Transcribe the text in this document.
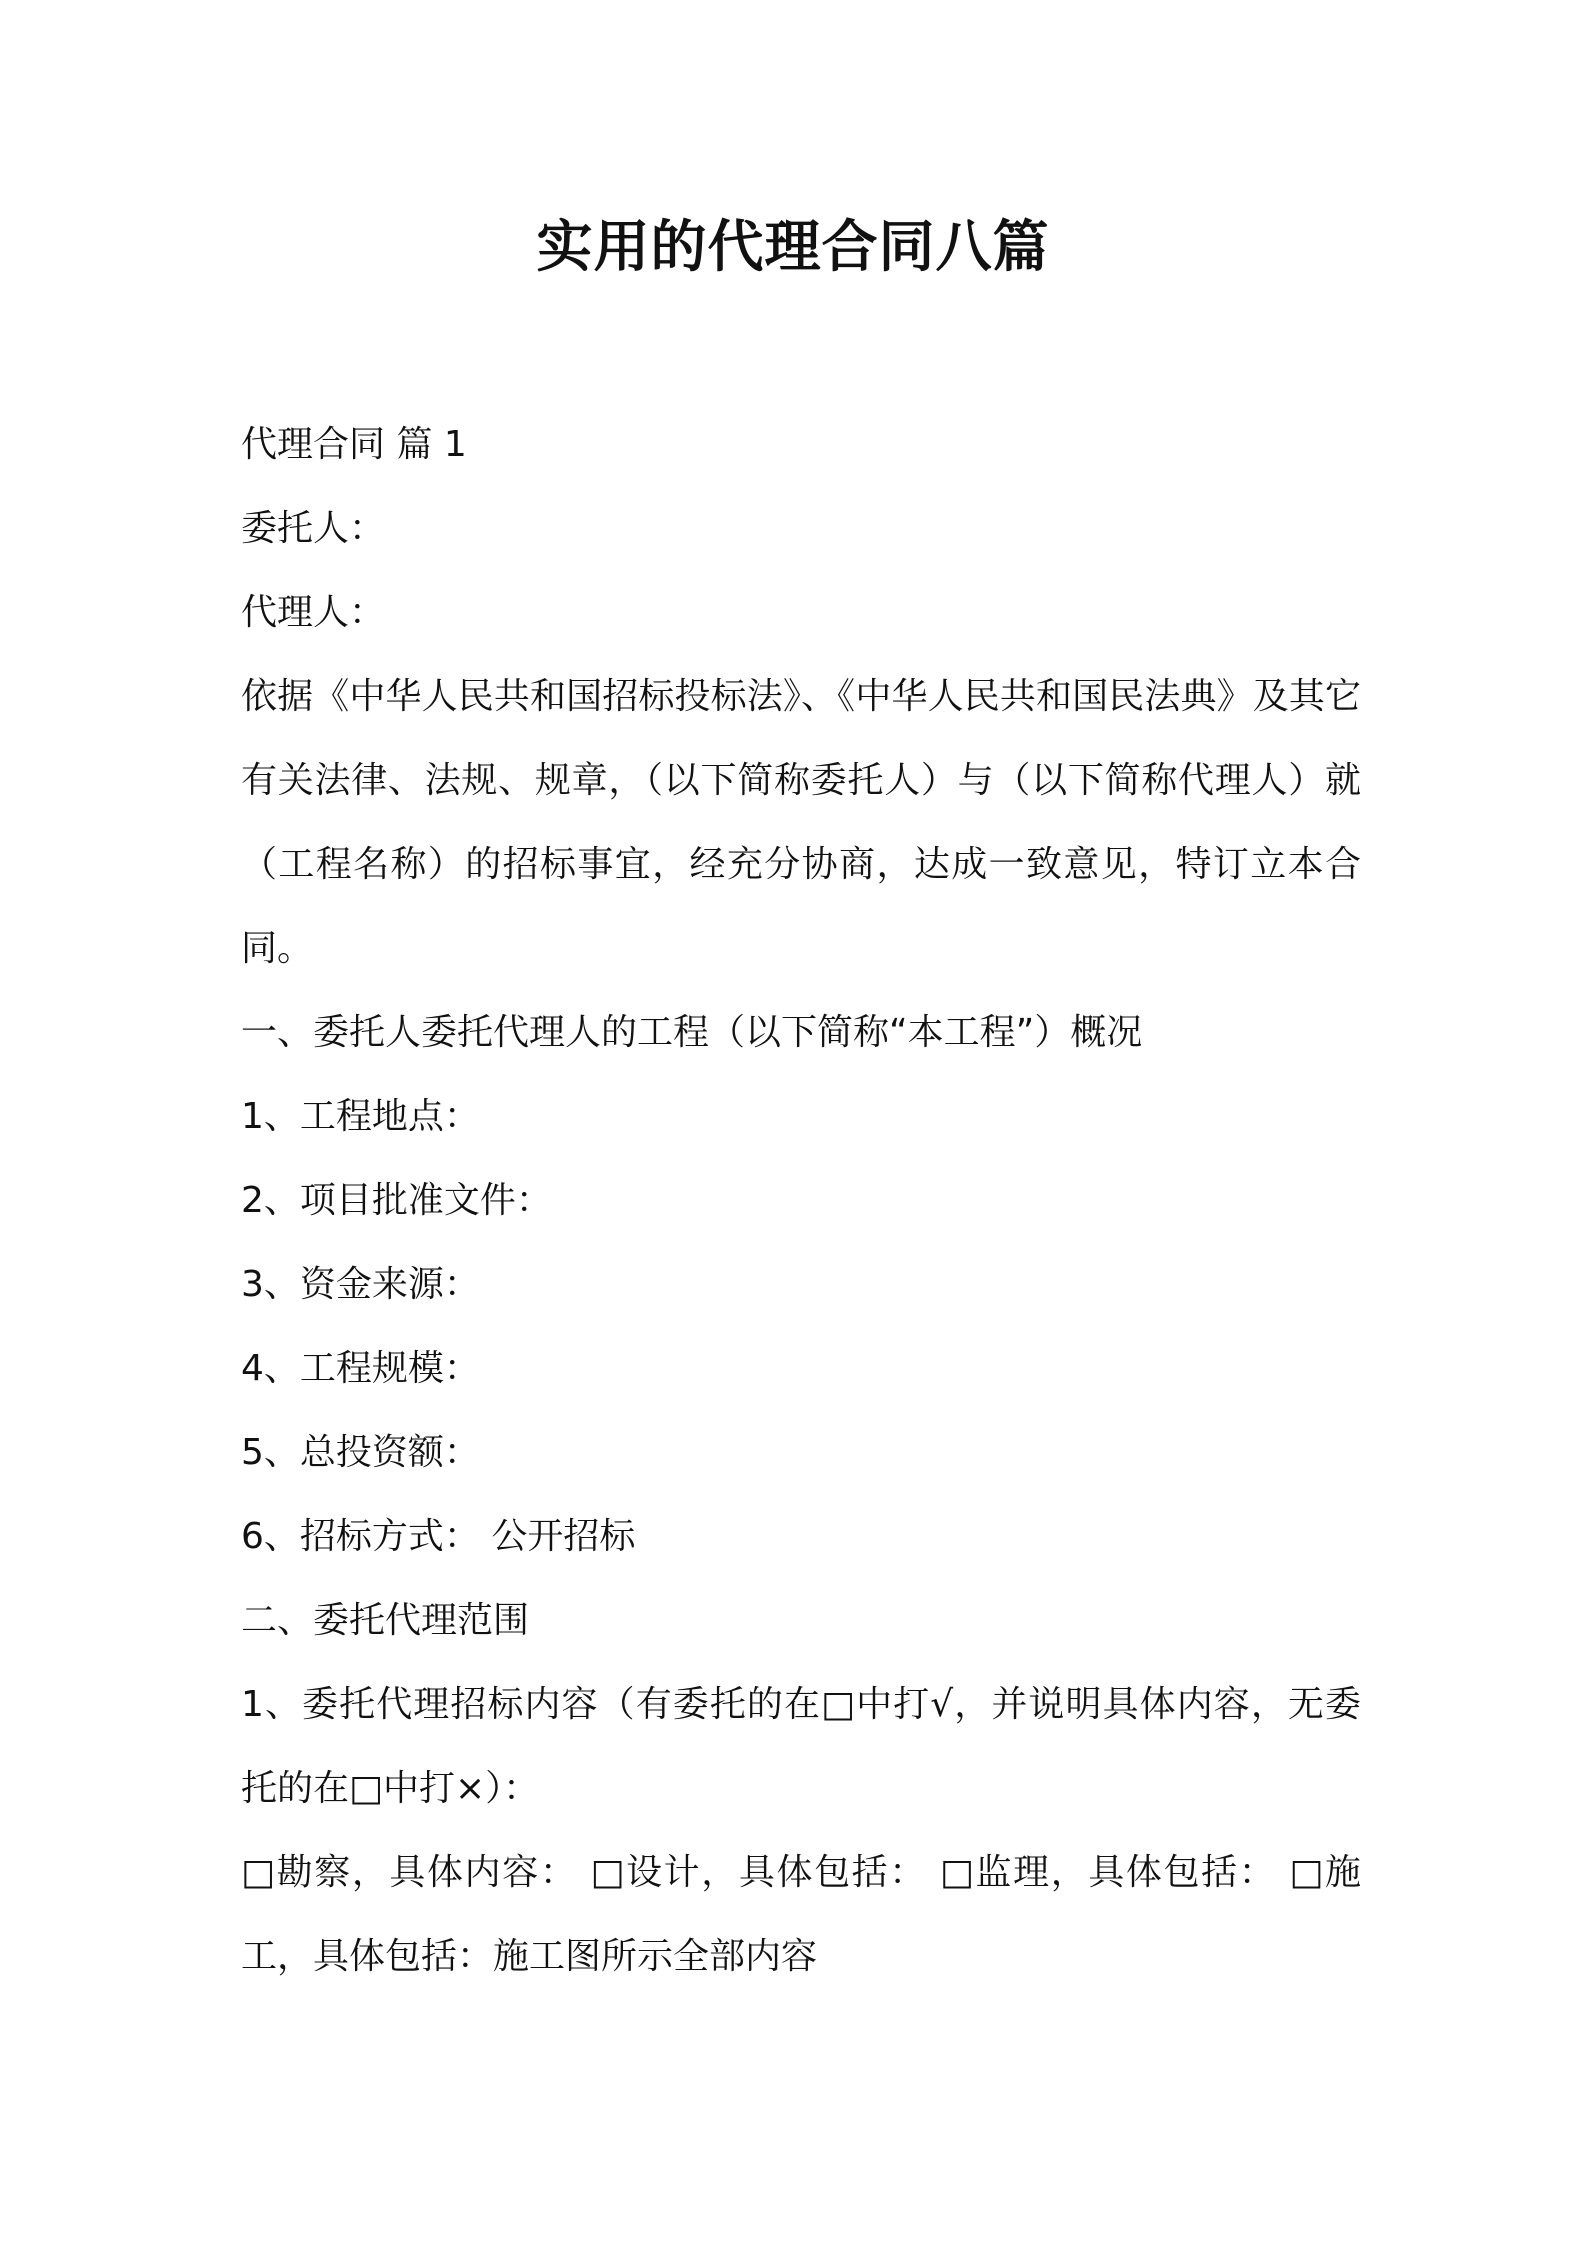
实用的代理合同八篇

代理合同 篇 1

委托人：

代理人：

依据《中华人民共和国招标投标法》、《中华人民共和国民法典》及其它有关法律、法规、规章，（以下简称委托人）与（以下简称代理人）就（工程名称）的招标事宜，经充分协商，达成一致意见，特订立本合同。

一、委托人委托代理人的工程（以下简称“本工程”）概况

1、工程地点：

2、项目批准文件：

3、资金来源：

4、工程规模：

5、总投资额：

6、招标方式： 公开招标

二、委托代理范围

1、委托代理招标内容（有委托的在□中打√，并说明具体内容，无委托的在□中打×）：

□勘察，具体内容： □设计，具体包括： □监理，具体包括： □施工，具体包括：施工图所示全部内容
